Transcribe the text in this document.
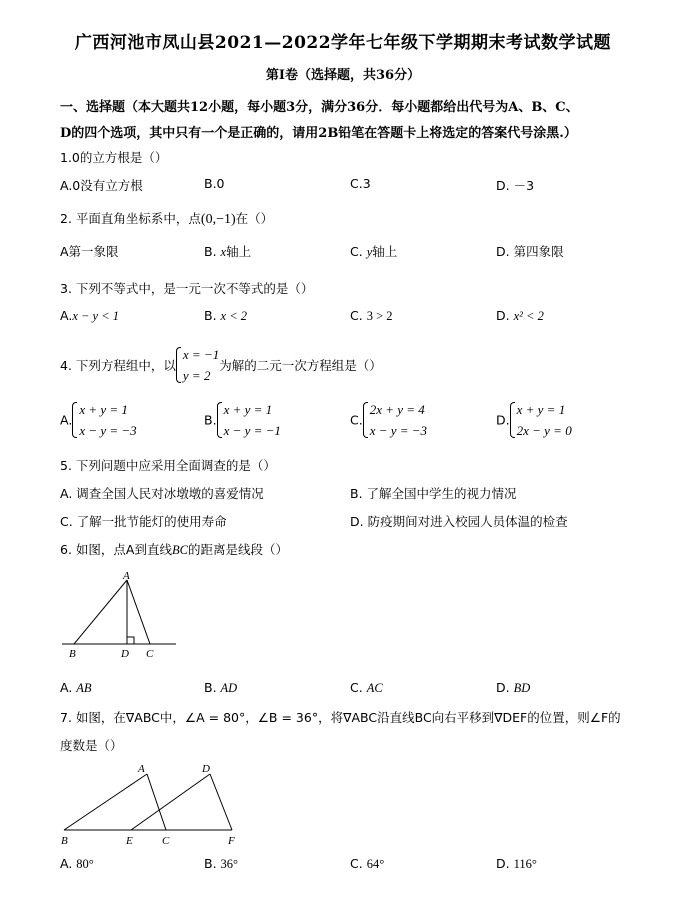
广西河池市凤山县2021—2022学年七年级下学期期末考试数学试题
第Ⅰ卷（选择题，共36分）
一、选择题（本大题共12小题，每小题3分，满分36分．每小题都给出代号为A、B、C、
D的四个选项，其中只有一个是正确的，请用2B铅笔在答题卡上将选定的答案代号涂黑.）
1.0的立方根是（）
A.0没有立方根	B.0	C.3	D. －3
2. 平面直角坐标系中，点(0,−1)在（）
A第一象限	B. x轴上	C. y轴上	D. 第四象限
3. 下列不等式中，是一元一次不等式的是（）
A.x − y < 1	B. x < 2	C. 3 > 2	D. x² < 2
4. 下列方程组中，以
x = −1
y = 2
为解的二元一次方程组是（）
A.
x + y = 1
x − y = −3
B.
x + y = 1
x − y = −1
C.
2x + y = 4
x − y = −3
D.
x + y = 1
2x − y = 0
5. 下列问题中应采用全面调查的是（）
A. 调查全国人民对冰墩墩的喜爱情况	B. 了解全国中学生的视力情况
C. 了解一批节能灯的使用寿命	D. 防疫期间对进入校园人员体温的检查
6. 如图，点A到直线BC的距离是线段（）
A
B	D C
A. AB	B. AD	C. AC	D. BD
7. 如图，在∇ABC中，∠A = 80°，∠B = 36°，将∇ABC沿直线BC向右平移到∇DEF的位置，则∠F的
度数是（）
A	D
B	E	C	F
A. 80°	B. 36°	C. 64°	D. 116°
